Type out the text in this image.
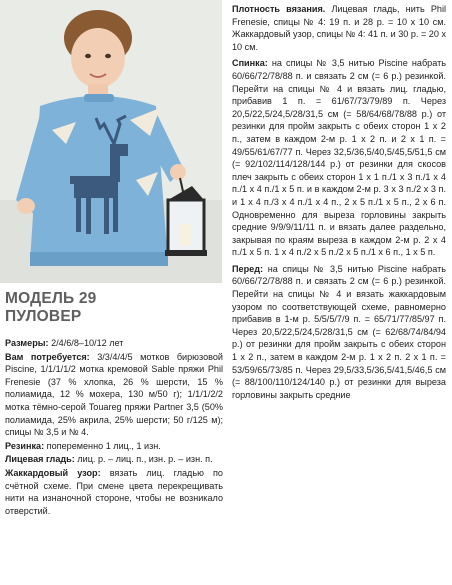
МОДЕЛЬ 29
ПУЛОВЕР

Размеры: 2/4/6/8–10/12 лет

Вам потребуется: 3/3/4/4/5 мотков бирюзовой Piscine, 1/1/1/1/2 мотка кремовой Sable пряжи Phil Frenesie (37 % хлопка, 26 % шерсти, 15 % полиамида, 12 % мохера, 130 м/50 г); 1/1/1/2/2 мотка тёмно-серой Touareg пряжи Partner 3,5 (50% полиамида, 25% акрила, 25% шерсти; 50 г/125 м); спицы № 3,5 и № 4.

Резинка: попеременно 1 лиц., 1 изн.

Лицевая гладь: лиц. р. – лиц. п., изн. р. – изн. п.

Жаккардовый узор: вязать лиц. гладью по счётной схеме. При смене цвета перекрещивать нити на изнаночной стороне, чтобы не возникало отверстий.

Плотность вязания. Лицевая гладь, нить Phil Frenesie, спицы № 4: 19 п. и 28 р. = 10 х 10 см. Жаккардовый узор, спицы № 4: 41 п. и 30 р. = 20 х 10 см.

Спинка: на спицы № 3,5 нитью Piscine набрать 60/66/72/78/88 п. и связать 2 см (= 6 р.) резинкой. Перейти на спицы № 4 и вязать лиц. гладью, прибавив 1 п. = 61/67/73/79/89 п. Через 20,5/22,5/24,5/28/31,5 см (= 58/64/68/78/88 р.) от резинки для пройм закрыть с обеих сторон 1 х 2 п., затем в каждом 2-м р. 1 х 2 п. и 2 х 1 п. = 49/55/61/67/77 п. Через 32,5/36,5/40,5/45,5/51,5 см (= 92/102/114/128/144 р.) от резинки для скосов плеч закрыть с обеих сторон 1 х 1 п./1 х 3 п./1 х 4 п./1 х 4 п./1 х 5 п. и в каждом 2-м р. 3 х 3 п./2 х 3 п. и 1 х 4 п./3 х 4 п./1 х 4 п., 2 х 5 п./1 х 5 п., 2 х 6 п. Одновременно для выреза горловины закрыть средние 9/9/9/11/11 п. и вязать далее раздельно, закрывая по краям выреза в каждом 2-м р. 2 х 4 п./1 х 5 п. 1 х 4 п./2 х 5 п./2 х 5 п./1 х 6 п., 1 х 5 п.

Перед: на спицы № 3,5 нитью Piscine набрать 60/66/72/78/88 п. и связать 2 см (= 6 р.) резинкой. Перейти на спицы № 4 и вязать жаккардовым узором по соответствующей схеме, равномерно прибавив в 1-м р. 5/5/5/7/9 п. = 65/71/77/85/97 п. Через 20,5/22,5/24,5/28/31,5 см (= 62/68/74/84/94 р.) от резинки для пройм закрыть с обеих сторон 1 х 2 п., затем в каждом 2-м р. 1 х 2 п. 2 х 1 п. = 53/59/65/73/85 п. Через 29,5/33,5/36,5/41,5/46,5 см (= 88/100/110/124/140 р.) от резинки для выреза горловины закрыть средние
